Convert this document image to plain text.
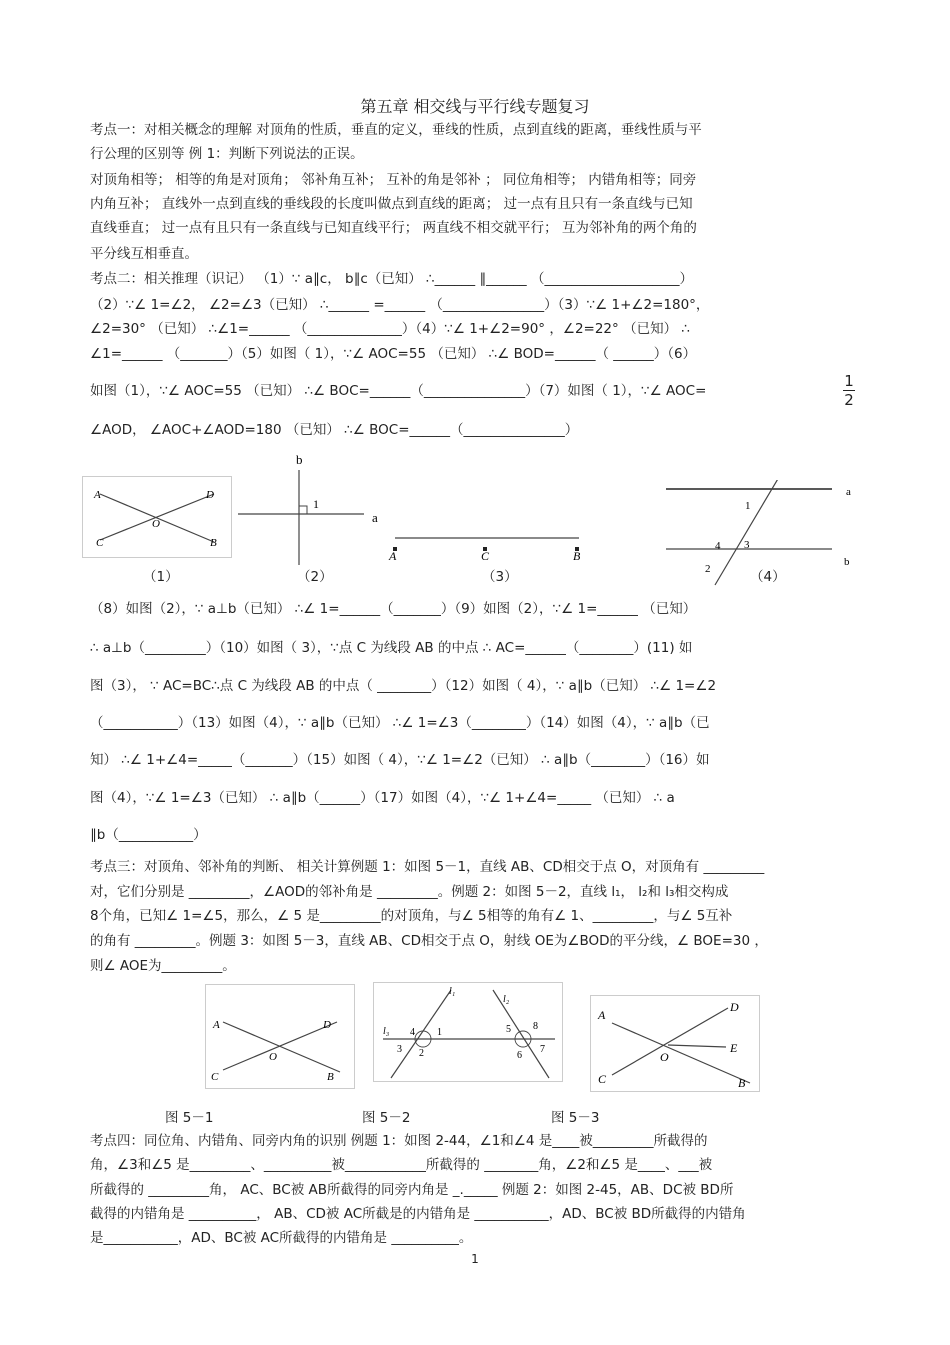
第五章 相交线与平行线专题复习
考点一：对相关概念的理解 对顶角的性质，垂直的定义，垂线的性质，点到直线的距离，垂线性质与平
行公理的区别等 例 1：判断下列说法的正误。
对顶角相等； 相等的角是对顶角； 邻补角互补； 互补的角是邻补 ； 同位角相等； 内错角相等；同旁
内角互补； 直线外一点到直线的垂线段的长度叫做点到直线的距离； 过一点有且只有一条直线与已知
直线垂直； 过一点有且只有一条直线与已知直线平行； 两直线不相交就平行； 互为邻补角的两个角的
平分线互相垂直。
考点二：相关推理（识记） （1）∵ a∥c， b∥c（已知） ∴______ ∥______ （____________________）
（2）∵∠ 1=∠2， ∠2=∠3（已知） ∴______ =______ （_______________）（3）∵∠ 1+∠2=180°，
∠2=30° （已知） ∴∠1=______ （______________）（4）∵∠ 1+∠2=90° ，∠2=22° （已知） ∴
∠1=______ （_______）（5）如图（ 1），∵∠ AOC=55 （已知） ∴∠ BOD=______（ ______）（6）
如图（1），∵∠ AOC=55 （已知） ∴∠ BOC=______（_______________）（7）如图（ 1），∵∠ AOC=
∠AOD， ∠AOC+∠AOD=180 （已知） ∴∠ BOC=______（_______________）
1
2
A	D
O
C	B
b
1
a
A	C	B
a
1
4 3
2
b
（1）	（2）	（3）	（4）
（8）如图（2），∵ a⊥b（已知） ∴∠ 1=______（_______）（9）如图（2），∵∠ 1=______ （已知）
∴ a⊥b（_________）（10）如图（ 3），∵点 C 为线段 AB 的中点 ∴ AC=______（________）(11) 如
图（3）， ∵ AC=BC∴点 C 为线段 AB 的中点（ ________）（12）如图（ 4），∵ a∥b（已知） ∴∠ 1=∠2
（___________）（13）如图（4），∵ a∥b（已知） ∴∠ 1=∠3（________）（14）如图（4），∵ a∥b（已
知） ∴∠ 1+∠4=_____（_______）（15）如图（ 4），∵∠ 1=∠2（已知） ∴ a∥b（________）（16）如
图（4），∵∠ 1=∠3（已知） ∴ a∥b（______）（17）如图（4），∵∠ 1+∠4=_____ （已知） ∴ a
∥b（___________）
考点三：对顶角、邻补角的判断、 相关计算例题 1：如图 5－1，直线 AB、CD相交于点 O，对顶角有 _________
对，它们分别是 _________，∠AOD的邻补角是 _________。例题 2：如图 5－2，直线 l₁， l₂和 l₃相交构成
8个角，已知∠ 1=∠5，那么，∠ 5 是_________的对顶角，与∠ 5相等的角有∠ 1、_________，与∠ 5互补
的角有 _________。例题 3：如图 5－3，直线 AB、CD相交于点 O，射线 OE为∠BOD的平分线，∠ BOE=30 ，
则∠ AOE为_________。
A	D
O
C	B
l₁
l₂
l₃ 4 1
3 2
5 8
6
7
A
D
E
O
C	B
图 5－1	图 5－2	图 5－3
考点四：同位角、内错角、同旁内角的识别 例题 1：如图 2-44，∠1和∠4 是____被_________所截得的
角，∠3和∠5 是_________、__________被____________所截得的 ________角，∠2和∠5 是____、___被
所截得的 _________角， AC、BC被 AB所截得的同旁内角是 _._____ 例题 2：如图 2-45，AB、DC被 BD所
截得的内错角是 __________， AB、CD被 AC所截是的内错角是 ___________，AD、BC被 BD所截得的内错角
是___________，AD、BC被 AC所截得的内错角是 __________。
1
